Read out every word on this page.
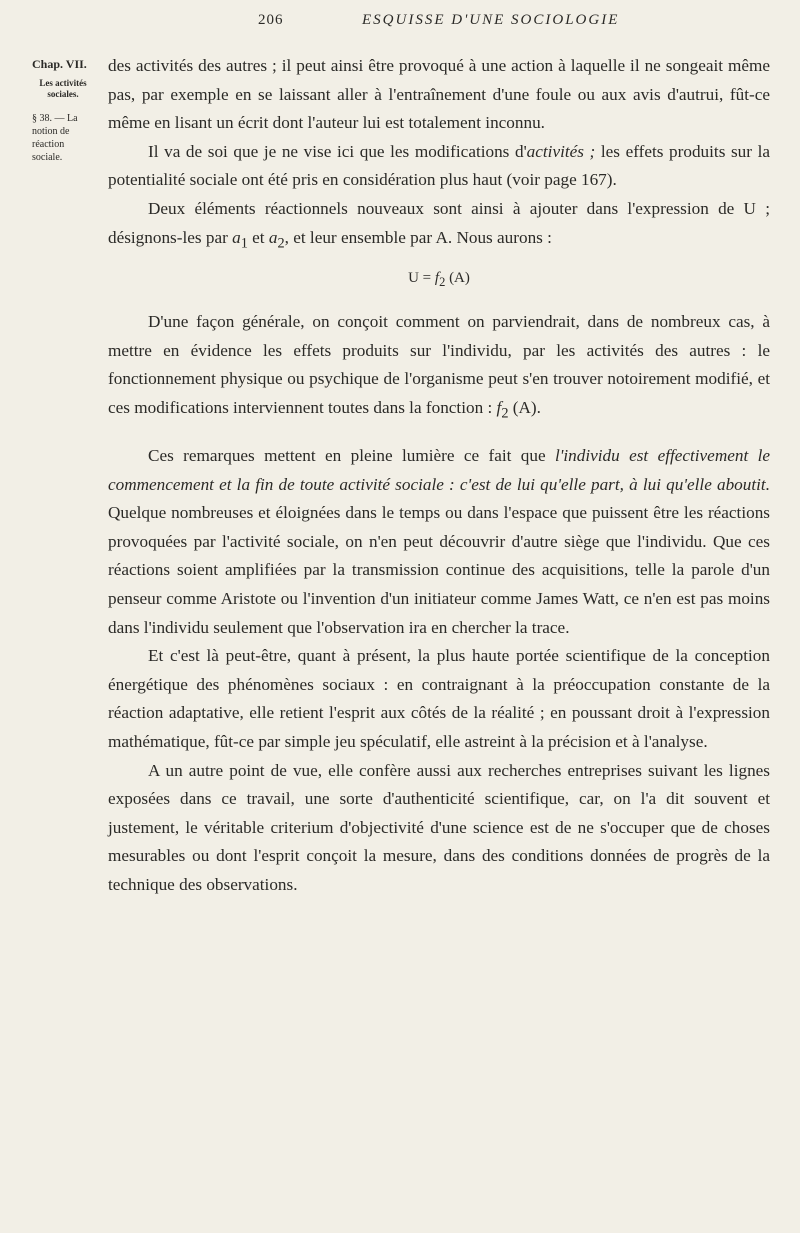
206	ESQUISSE D'UNE SOCIOLOGIE
Chap. VII.
Les activités sociales.
§ 38. — La notion de réaction sociale.

des activités des autres ; il peut ainsi être provoqué à une action à laquelle il ne songeait même pas, par exemple en se laissant aller à l'entraînement d'une foule ou aux avis d'autrui, fût-ce même en lisant un écrit dont l'auteur lui est totalement inconnu.

Il va de soi que je ne vise ici que les modifications d'activités ; les effets produits sur la potentialité sociale ont été pris en considération plus haut (voir page 167).

Deux éléments réactionnels nouveaux sont ainsi à ajouter dans l'expression de U ; désignons-les par $a_1$ et $a_2$, et leur ensemble par A. Nous aurons :

$U = f_2$ (A)

D'une façon générale, on conçoit comment on parviendrait, dans de nombreux cas, à mettre en évidence les effets produits sur l'individu, par les activités des autres : le fonctionnement physique ou psychique de l'organisme peut s'en trouver notoirement modifié, et ces modifications interviennent toutes dans la fonction : $f_2$ (A).

Ces remarques mettent en pleine lumière ce fait que l'individu est effectivement le commencement et la fin de toute activité sociale : c'est de lui qu'elle part, à lui qu'elle aboutit. Quelque nombreuses et éloignées dans le temps ou dans l'espace que puissent être les réactions provoquées par l'activité sociale, on n'en peut découvrir d'autre siège que l'individu. Que ces réactions soient amplifiées par la transmission continue des acquisitions, telle la parole d'un penseur comme Aristote ou l'invention d'un initiateur comme James Watt, ce n'en est pas moins dans l'individu seulement que l'observation ira en chercher la trace.

Et c'est là peut-être, quant à présent, la plus haute portée scientifique de la conception énergétique des phénomènes sociaux : en contraignant à la préoccupation constante de la réaction adaptative, elle retient l'esprit aux côtés de la réalité ; en poussant droit à l'expression mathématique, fût-ce par simple jeu spéculatif, elle astreint à la précision et à l'analyse.

A un autre point de vue, elle confère aussi aux recherches entreprises suivant les lignes exposées dans ce travail, une sorte d'authenticité scientifique, car, on l'a dit souvent et justement, le véritable criterium d'objectivité d'une science est de ne s'occuper que de choses mesurables ou dont l'esprit conçoit la mesure, dans des conditions données de progrès de la technique des observations.
